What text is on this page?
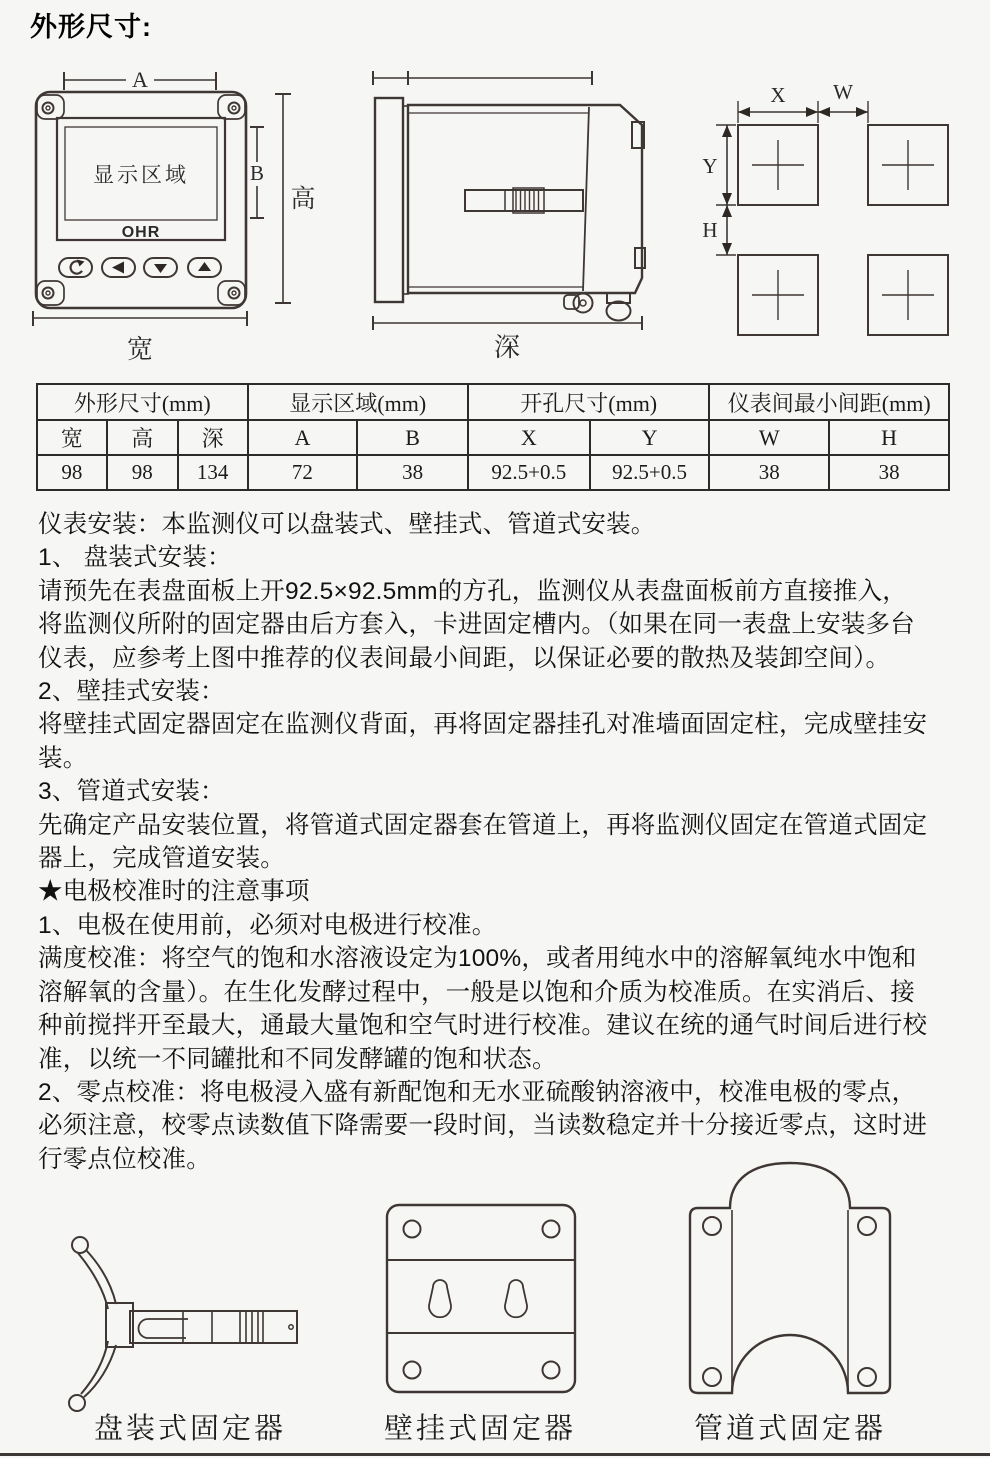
外形尺寸:
A
显示区域
OHR
B
高
宽	深
X W
Y
H
外形尺寸(mm)			显示区域(mm)		开孔尺寸(mm)		仪表间最小间距(mm)	
宽	高	深	A	B	X	Y	W	H
98	98	134	72	38	92.5+0.5	92.5+0.5	38	38
仪表安装：本监测仪可以盘装式、壁挂式、管道式安装。
1、 盘装式安装：
请预先在表盘面板上开92.5×92.5mm的方孔，监测仪从表盘面板前方直接推入，
将监测仪所附的固定器由后方套入，卡进固定槽内。（如果在同一表盘上安装多台
仪表，应参考上图中推荐的仪表间最小间距，以保证必要的散热及装卸空间）。
2、壁挂式安装：
将壁挂式固定器固定在监测仪背面，再将固定器挂孔对准墙面固定柱，完成壁挂安
装。
3、管道式安装：
先确定产品安装位置，将管道式固定器套在管道上，再将监测仪固定在管道式固定
器上，完成管道安装。
★电极校准时的注意事项
1、电极在使用前，必须对电极进行校准。
满度校准：将空气的饱和水溶液设定为100%，或者用纯水中的溶解氧纯水中饱和
溶解氧的含量）。在生化发酵过程中，一般是以饱和介质为校准质。在实消后、接
种前搅拌开至最大，通最大量饱和空气时进行校准。建议在统的通气时间后进行校
准，以统一不同罐批和不同发酵罐的饱和状态。
2、零点校准：将电极浸入盛有新配饱和无水亚硫酸钠溶液中，校准电极的零点，
必须注意，校零点读数值下降需要一段时间，当读数稳定并十分接近零点，这时进
行零点位校准。
盘装式固定器	壁挂式固定器	管道式固定器
